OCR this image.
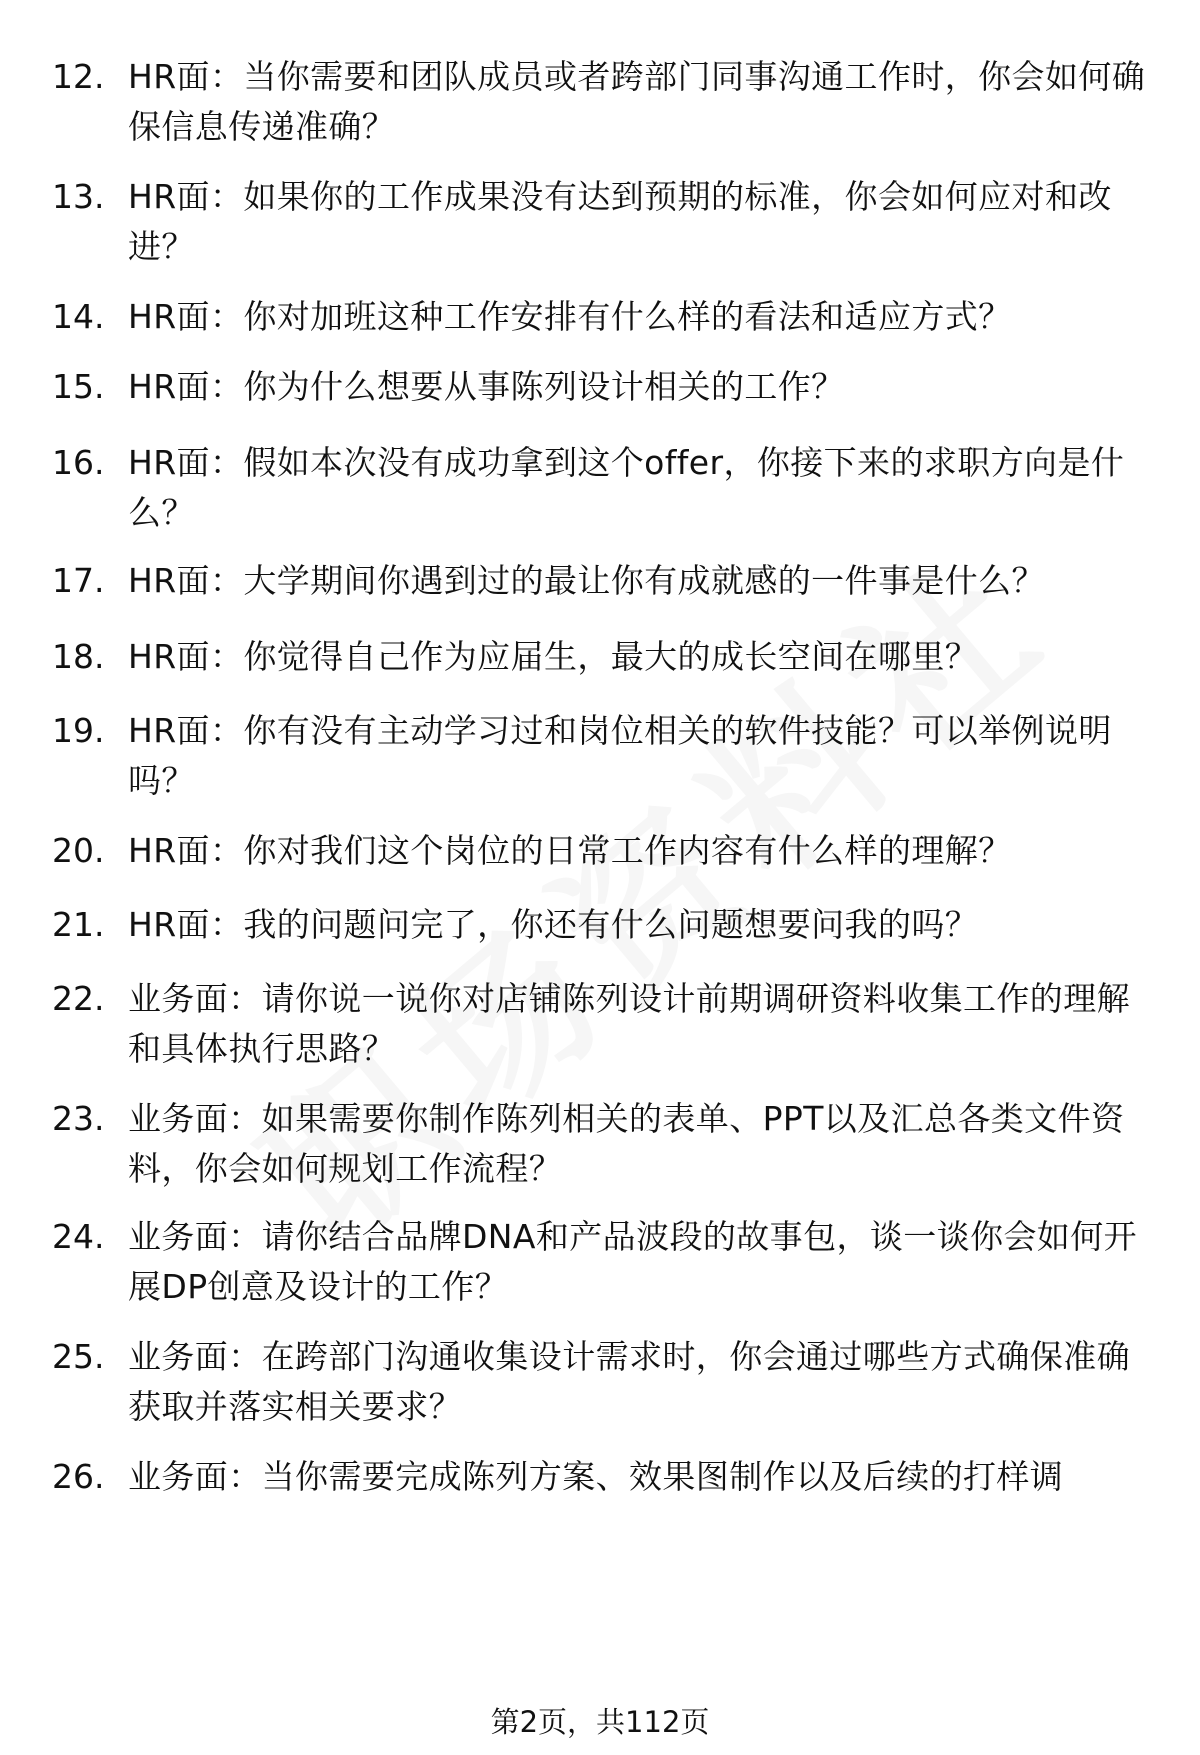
12. HR面：当你需要和团队成员或者跨部门同事沟通工作时，你会如何确保信息传递准确？
13. HR面：如果你的工作成果没有达到预期的标准，你会如何应对和改进？
14. HR面：你对加班这种工作安排有什么样的看法和适应方式？
15. HR面：你为什么想要从事陈列设计相关的工作？
16. HR面：假如本次没有成功拿到这个offer，你接下来的求职方向是什么？
17. HR面：大学期间你遇到过的最让你有成就感的一件事是什么？
18. HR面：你觉得自己作为应届生，最大的成长空间在哪里？
19. HR面：你有没有主动学习过和岗位相关的软件技能？可以举例说明吗？
20. HR面：你对我们这个岗位的日常工作内容有什么样的理解？
21. HR面：我的问题问完了，你还有什么问题想要问我的吗？
22. 业务面：请你说一说你对店铺陈列设计前期调研资料收集工作的理解和具体执行思路？
23. 业务面：如果需要你制作陈列相关的表单、PPT以及汇总各类文件资料，你会如何规划工作流程？
24. 业务面：请你结合品牌DNA和产品波段的故事包，谈一谈你会如何开展DP创意及设计的工作？
25. 业务面：在跨部门沟通收集设计需求时，你会通过哪些方式确保准确获取并落实相关要求？
26. 业务面：当你需要完成陈列方案、效果图制作以及后续的打样调
第2页，共112页
